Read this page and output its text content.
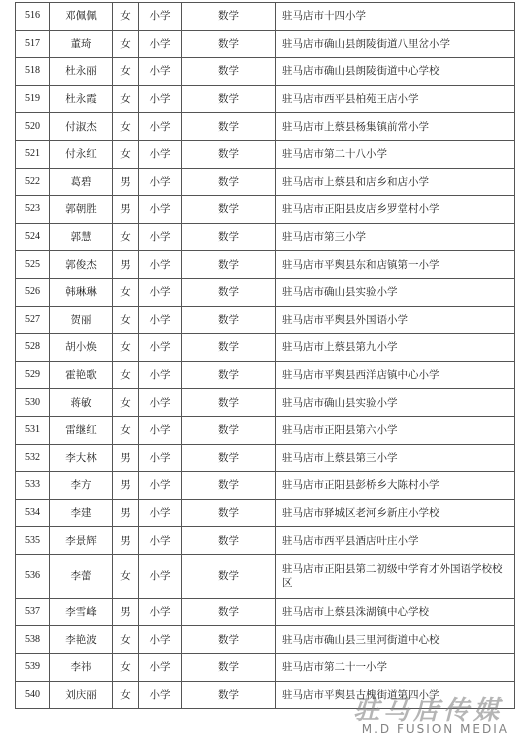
516	邓佩佩	女	小学	数学	驻马店市十四小学
517	董琦	女	小学	数学	驻马店市确山县朗陵街道八里岔小学
518	杜永丽	女	小学	数学	驻马店市确山县朗陵街道中心学校
519	杜永霞	女	小学	数学	驻马店市西平县柏苑王店小学
520	付淑杰	女	小学	数学	驻马店市上蔡县杨集镇前常小学
521	付永红	女	小学	数学	驻马店市第二十八小学
522	葛碧	男	小学	数学	驻马店市上蔡县和店乡和店小学
523	郭朝胜	男	小学	数学	驻马店市正阳县皮店乡罗堂村小学
524	郭慧	女	小学	数学	驻马店市第三小学
525	郭俊杰	男	小学	数学	驻马店市平舆县东和店镇第一小学
526	韩琳琳	女	小学	数学	驻马店市确山县实验小学
527	贺丽	女	小学	数学	驻马店市平舆县外国语小学
528	胡小焕	女	小学	数学	驻马店市上蔡县第九小学
529	霍艳歌	女	小学	数学	驻马店市平舆县西洋店镇中心小学
530	蒋敏	女	小学	数学	驻马店市确山县实验小学
531	雷继红	女	小学	数学	驻马店市正阳县第六小学
532	李大林	男	小学	数学	驻马店市上蔡县第三小学
533	李方	男	小学	数学	驻马店市正阳县彭桥乡大陈村小学
534	李建	男	小学	数学	驻马店市驿城区老河乡新庄小学校
535	李景辉	男	小学	数学	驻马店市西平县酒店叶庄小学
536	李蕾	女	小学	数学	驻马店市正阳县第二初级中学育才外国语学校校区
537	李雪峰	男	小学	数学	驻马店市上蔡县洙湖镇中心学校
538	李艳波	女	小学	数学	驻马店市确山县三里河街道中心校
539	李祎	女	小学	数学	驻马店市第二十一小学
540	刘庆丽	女	小学	数学	驻马店市平舆县古槐街道第四小学
驻马店传媒
M.D FUSION MEDIA
